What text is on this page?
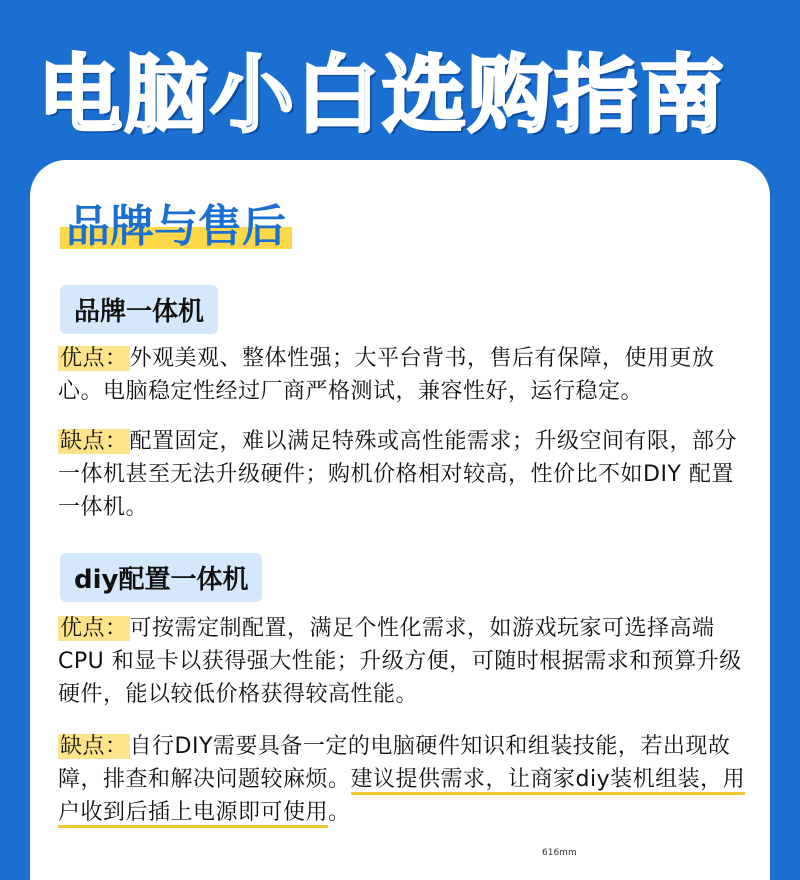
电脑小白选购指南
品牌与售后
品牌一体机
优点：外观美观、整体性强；大平台背书，售后有保障，使用更放心。电脑稳定性经过厂商严格测试，兼容性好，运行稳定。
缺点：配置固定，难以满足特殊或高性能需求；升级空间有限，部分一体机甚至无法升级硬件；购机价格相对较高，性价比不如DIY 配置一体机。
diy配置一体机
优点：可按需定制配置，满足个性化需求，如游戏玩家可选择高端 CPU 和显卡以获得强大性能；升级方便，可随时根据需求和预算升级硬件，能以较低价格获得较高性能。
缺点：自行DIY需要具备一定的电脑硬件知识和组装技能，若出现故障，排查和解决问题较麻烦。建议提供需求，让商家diy装机组装，用户收到后插上电源即可使用。
616mm
